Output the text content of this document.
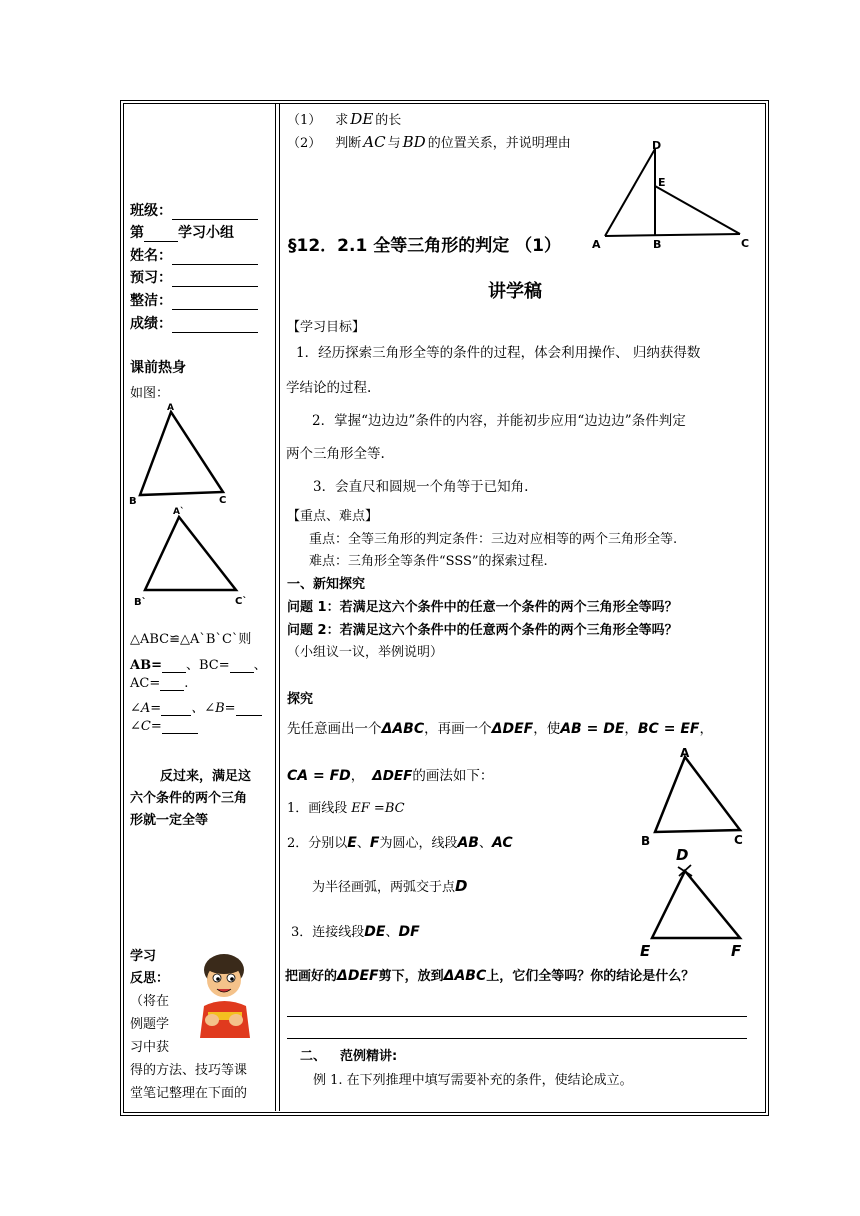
班级：
第 学习小组
姓名：
预习：
整洁：
成绩：
课前热身
如图：
A
B	C
A`
B`	C`
△ABC≌△A`B`C`则
AB= 、BC= 、
AC= .
∠A= 、∠B=
∠C=
反过来，满足这
六个条件的两个三角
形就一定全等
学习
反思：
（将在
例题学
习中获
得的方法、技巧等课
堂笔记整理在下面的
（1） 求 DE 的长
（2） 判断 AC 与 BD 的位置关系，并说明理由	D
E
A	B	C
§12．2.1 全等三角形的判定 （1）
讲学稿
【学习目标】
1．经历探索三角形全等的条件的过程，体会利用操作、 归纳获得数
学结论的过程.
2．掌握“边边边”条件的内容，并能初步应用“边边边”条件判定
两个三角形全等.
3．会直尺和圆规一个角等于已知角.
【重点、难点】
重点：全等三角形的判定条件：三边对应相等的两个三角形全等.
难点：三角形全等条件“SSS”的探索过程.
一、新知探究
问题 1：若满足这六个条件中的任意一个条件的两个三角形全等吗？
问题 2：若满足这六个条件中的任意两个条件的两个三角形全等吗？
（小组议一议，举例说明）
探究
先任意画出一个ΔABC，再画一个ΔDEF，使AB = DE，BC = EF，
CA = FD， ΔDEF的画法如下：
1．画线段 EF =BC
2．分别以E、F为圆心，线段AB、AC
为半径画弧，两弧交于点D
3．连接线段DE、DF
A
B	C
D
E	F
把画好的ΔDEF剪下，放到ΔABC上，它们全等吗？你的结论是什么？
二、 范例精讲:
例 1. 在下列推理中填写需要补充的条件，使结论成立。
